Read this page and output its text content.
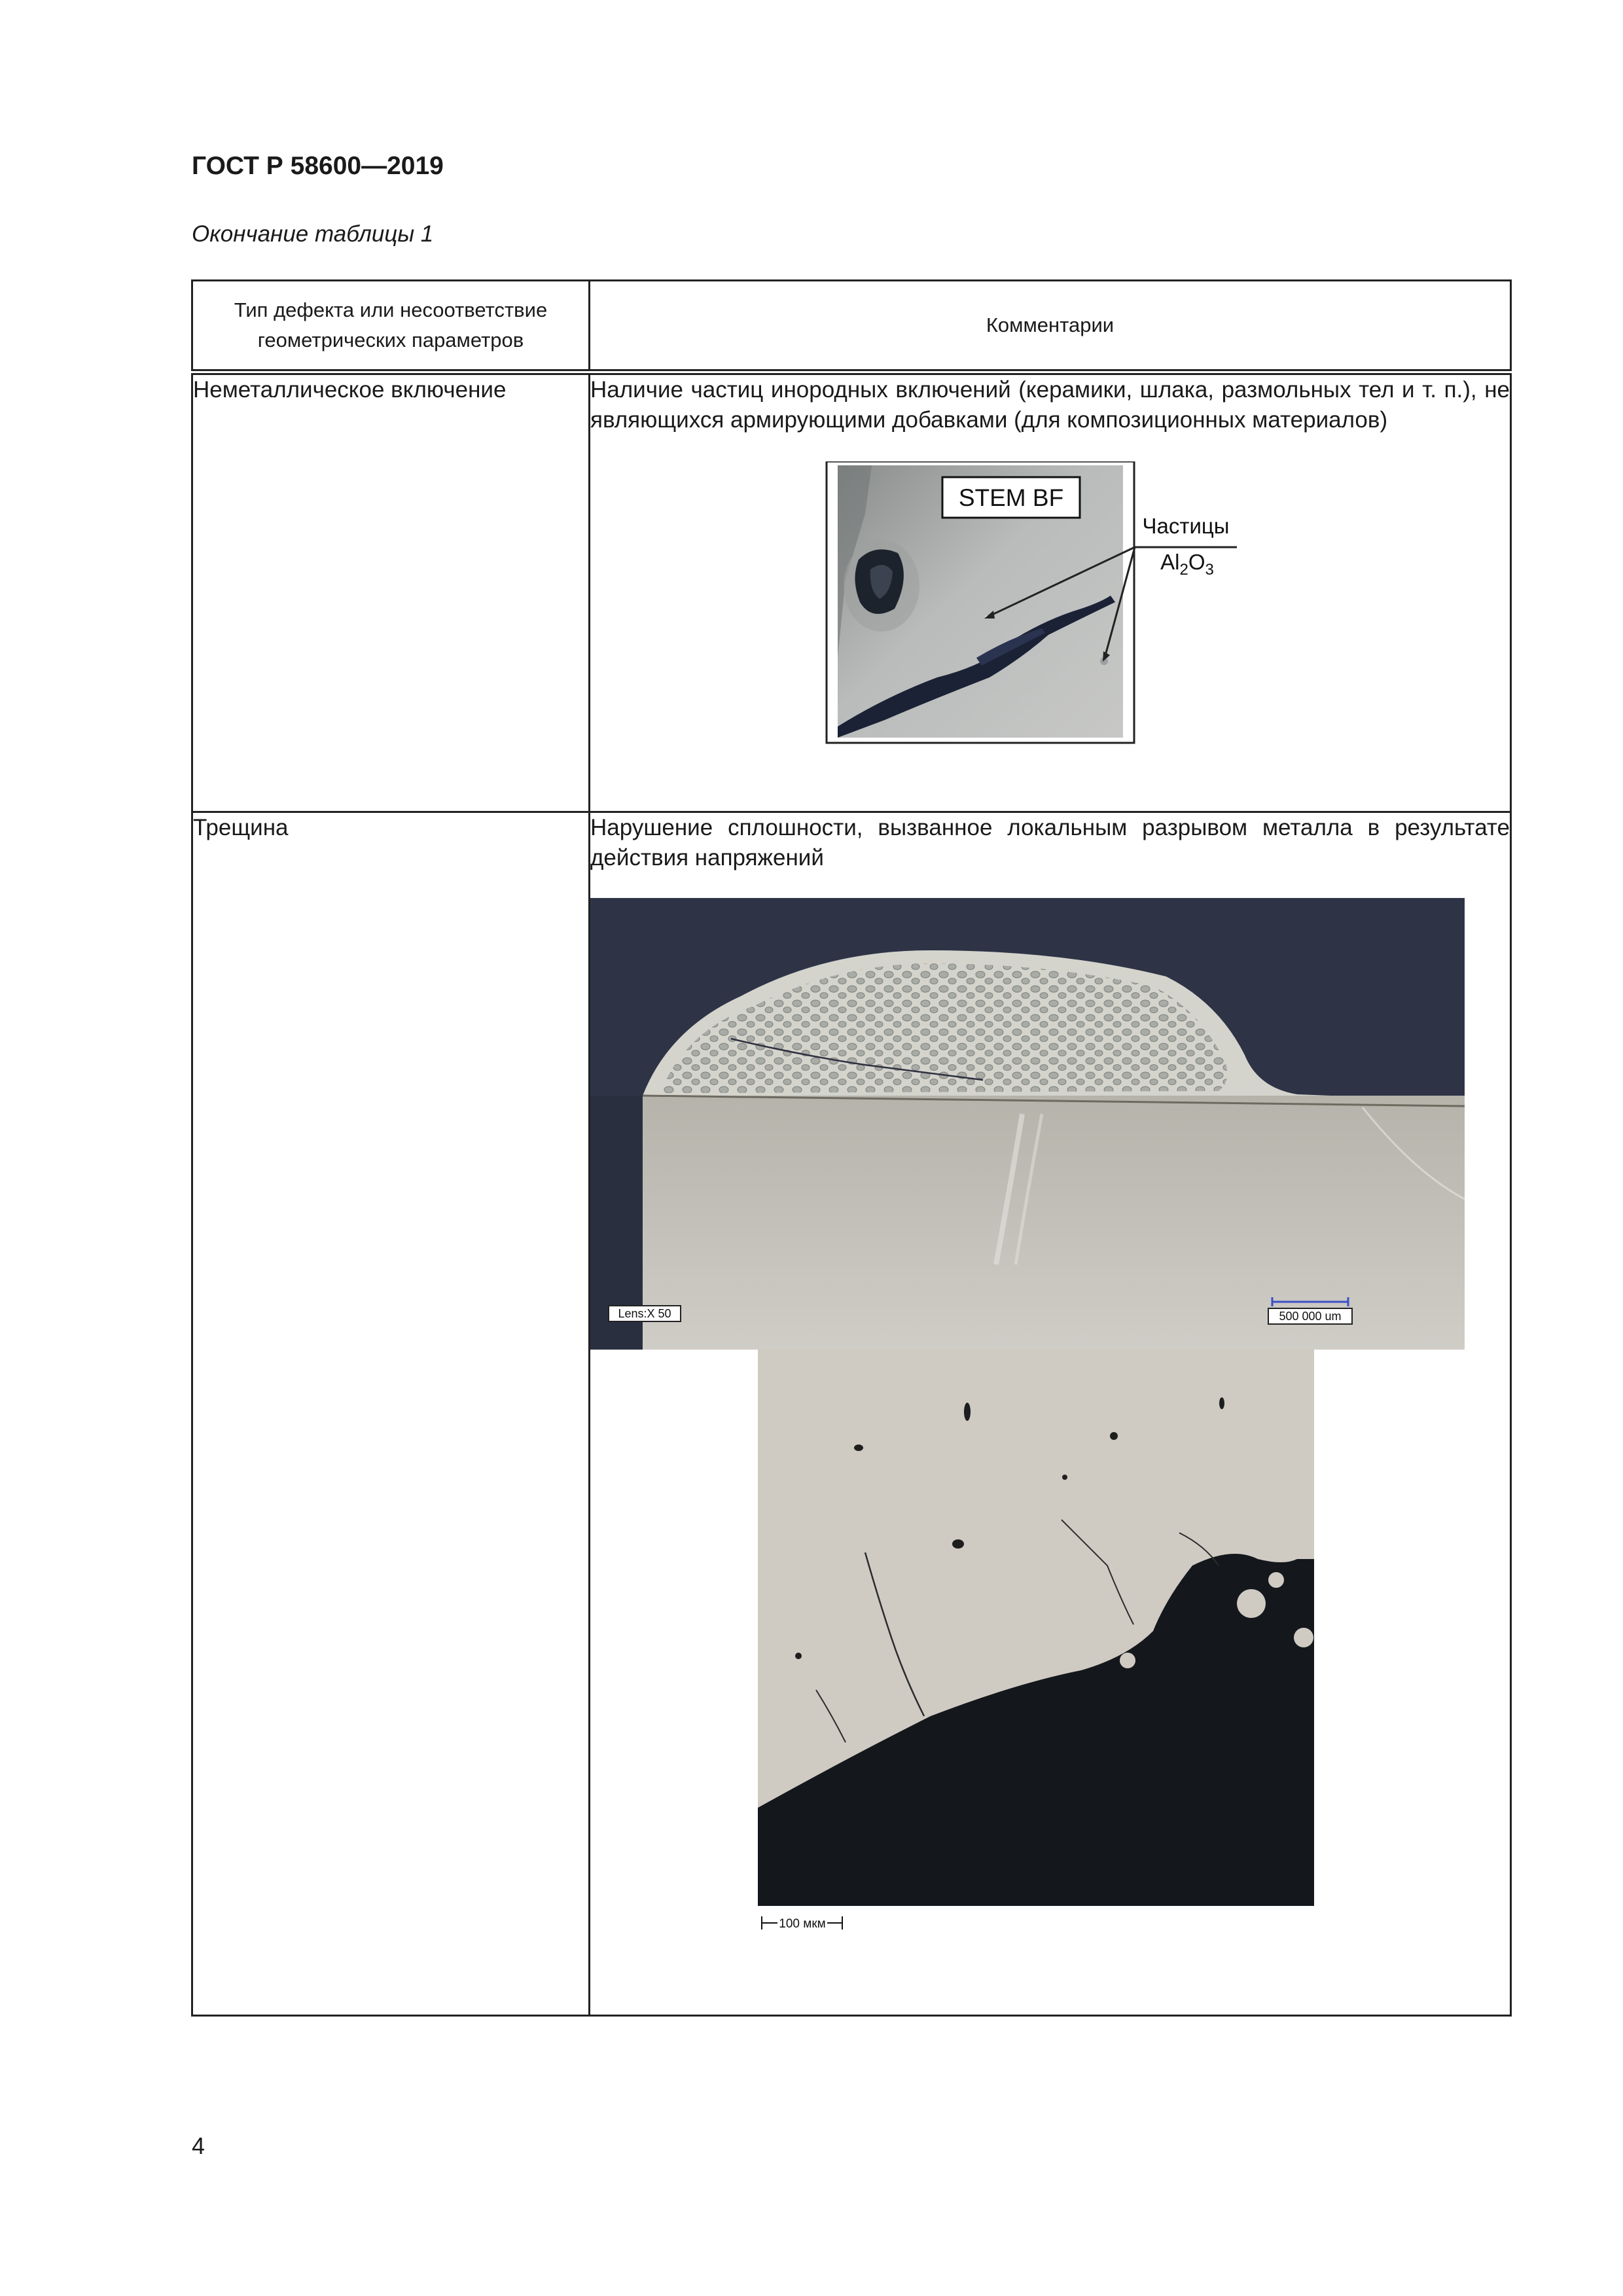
ГОСТ Р 58600—2019
Окончание таблицы 1
Тип дефекта или несоответствие геометрических параметров	Комментарии
Неметаллическое включение	Наличие частиц инородных включений (керамики, шлака, размольных тел и т. п.), не являющихся армирующими добавками (для композиционных материалов)
STEM BF
Частицы
$Al_2O_3$

Трещина	Нарушение сплошности, вызванное локальным разрывом металла в результате действия напряжений
Lens:X 50 500 000 um
100 мкм
4
